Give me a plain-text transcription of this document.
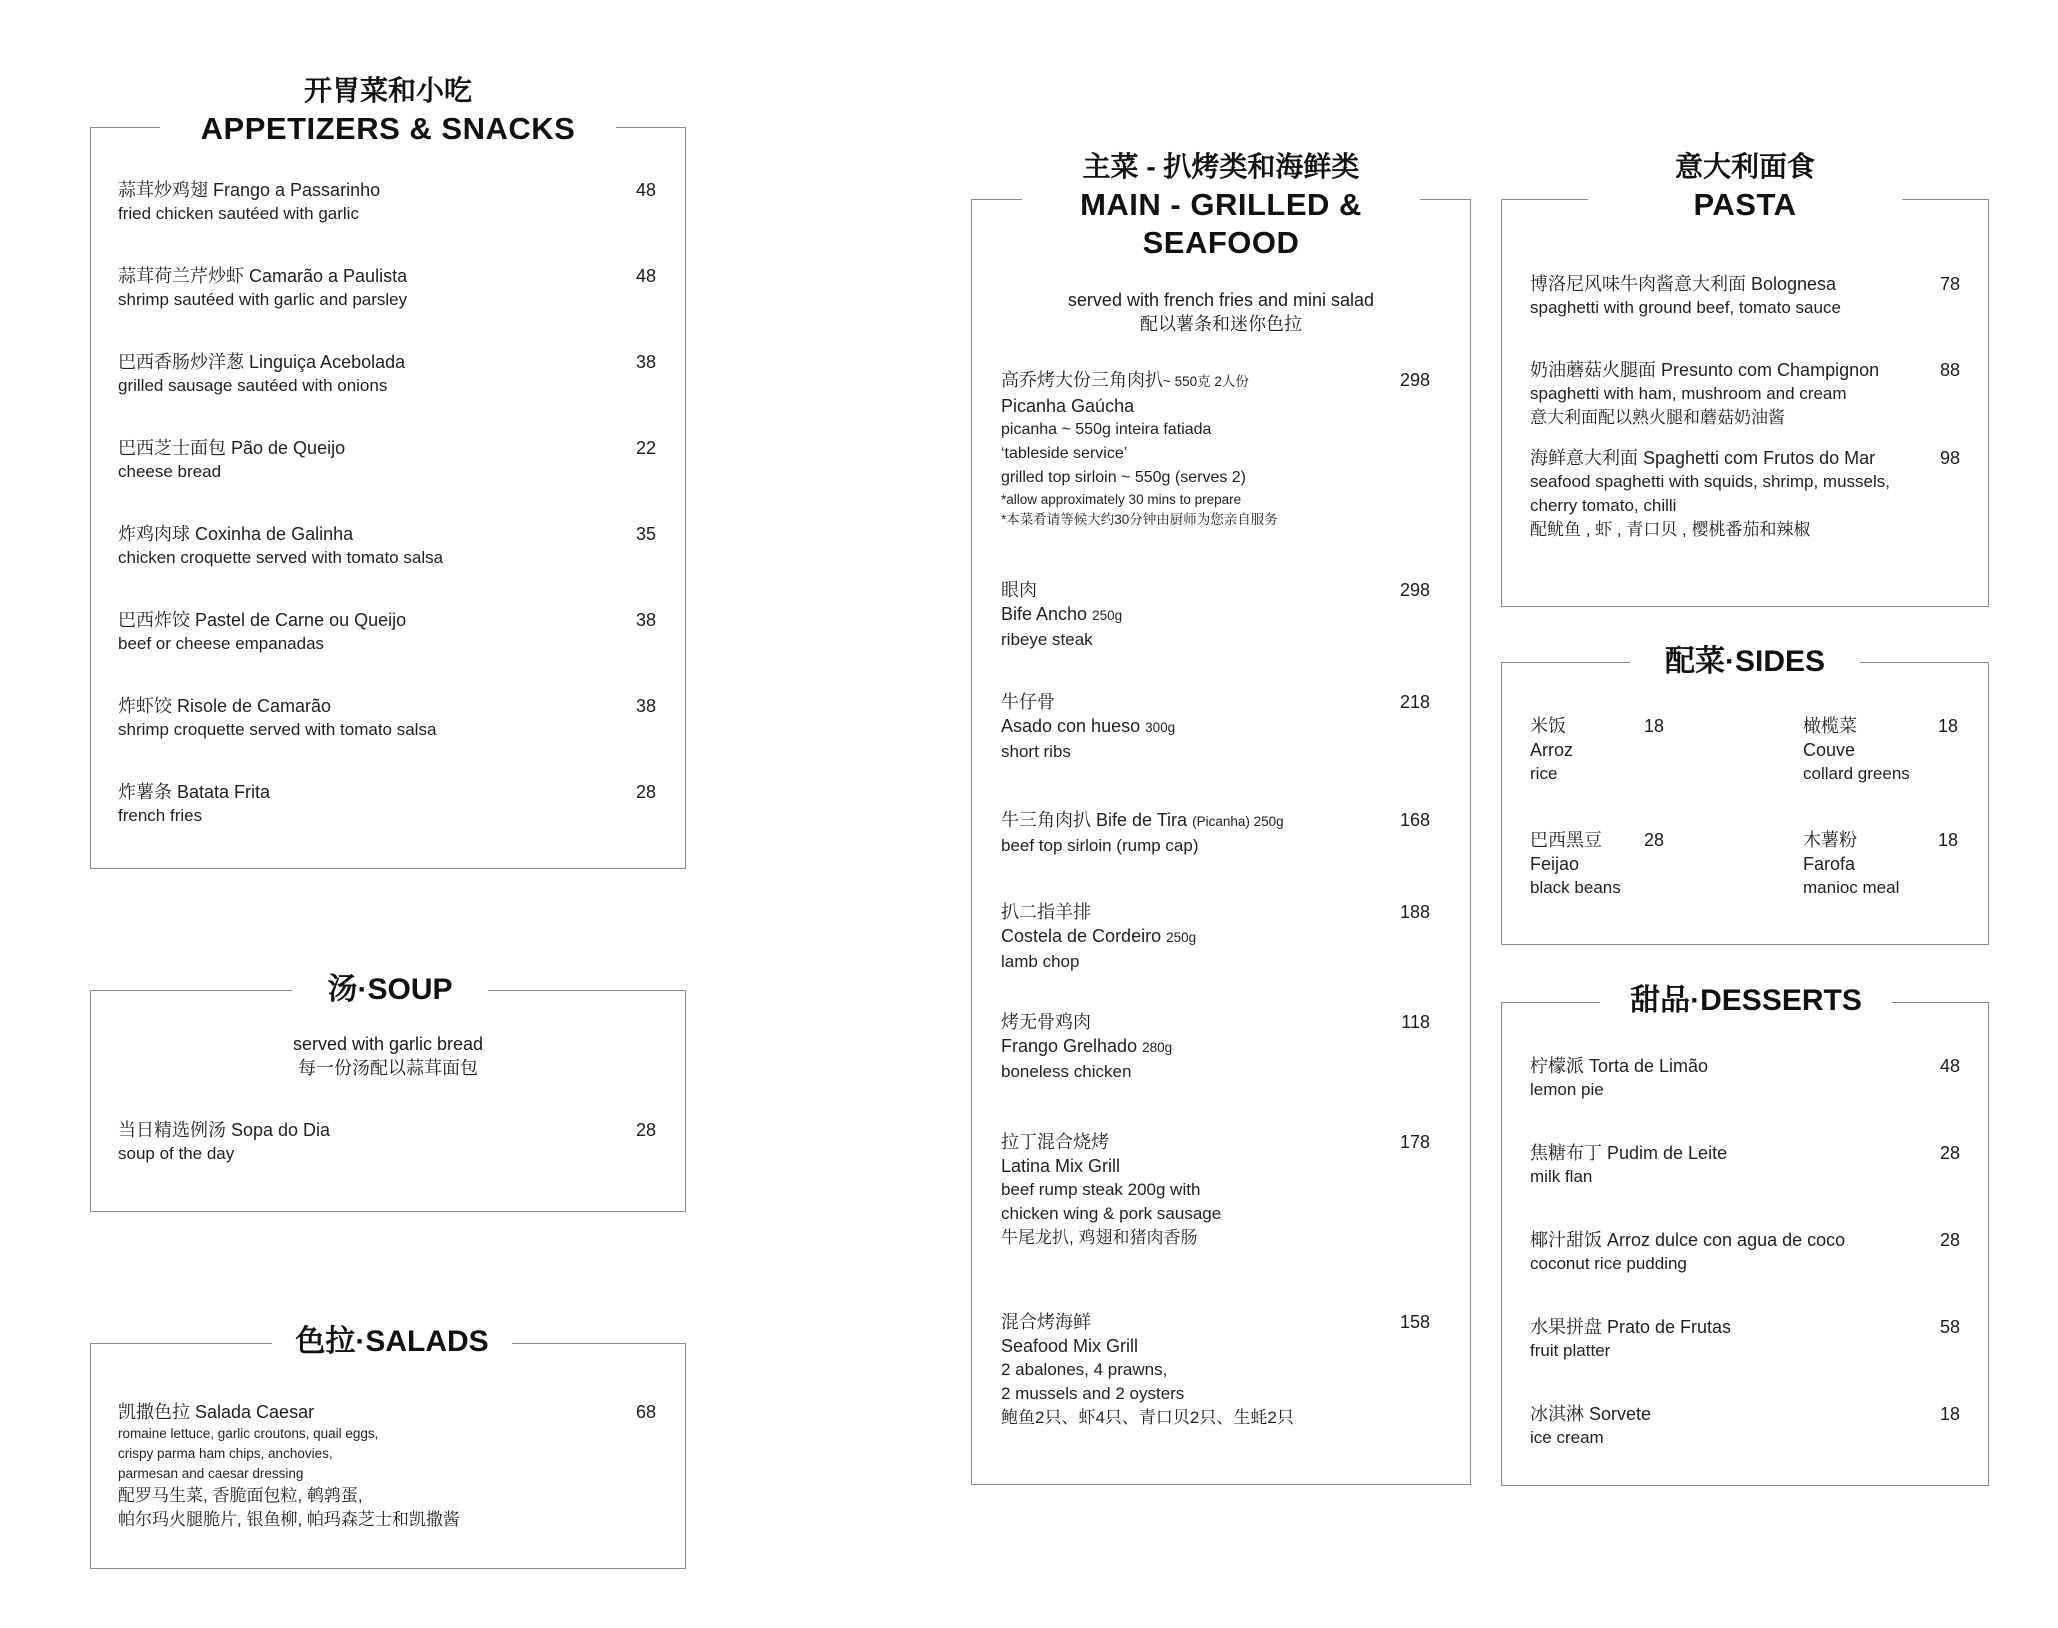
开胃菜和小吃
APPETIZERS & SNACKS
蒜茸炒鸡翅 Frango a Passarinho
fried chicken sautéed with garlic
48
蒜茸荷兰芹炒虾 Camarão a Paulista
shrimp sautéed with garlic and parsley
48
巴西香肠炒洋葱 Linguiça Acebolada
grilled sausage sautéed with onions
38
巴西芝士面包 Pão de Queijo
cheese bread
22
炸鸡肉球 Coxinha de Galinha
chicken croquette served with tomato salsa
35
巴西炸饺 Pastel de Carne ou Queijo
beef or cheese empanadas
38
炸虾饺 Risole de Camarão
shrimp croquette served with tomato salsa
38
炸薯条 Batata Frita
french fries
28
汤·SOUP
served with garlic bread
每一份汤配以蒜茸面包
当日精选例汤 Sopa do Dia
soup of the day
28
色拉·SALADS
凯撒色拉 Salada Caesar
romaine lettuce, garlic croutons, quail eggs,
crispy parma ham chips, anchovies,
parmesan and caesar dressing
配罗马生菜, 香脆面包粒, 鹌鹑蛋,
帕尔玛火腿脆片, 银鱼柳, 帕玛森芝士和凯撒酱
68
主菜 - 扒烤类和海鲜类
MAIN - GRILLED &
SEAFOOD
served with french fries and mini salad
配以薯条和迷你色拉
高乔烤大份三角肉扒~ 550克 2人份
Picanha Gaúcha
picanha ~ 550g inteira fatiada
‘tableside service’
grilled top sirloin ~ 550g (serves 2)
*allow approximately 30 mins to prepare
*本菜肴请等候大约30分钟由厨师为您亲自服务
298
眼肉
Bife Ancho 250g
ribeye steak
298
牛仔骨
Asado con hueso 300g
short ribs
218
牛三角肉扒 Bife de Tira (Picanha) 250g
beef top sirloin (rump cap)
168
扒二指羊排
Costela de Cordeiro 250g
lamb chop
188
烤无骨鸡肉
Frango Grelhado 280g
boneless chicken
118
拉丁混合烧烤
Latina Mix Grill
beef rump steak 200g with
chicken wing & pork sausage
牛尾龙扒, 鸡翅和猪肉香肠
178
混合烤海鲜
Seafood Mix Grill
2 abalones, 4 prawns,
2 mussels and 2 oysters
鲍鱼2只、虾4只、青口贝2只、生蚝2只
158
意大利面食
PASTA
博洛尼风味牛肉酱意大利面 Bolognesa
spaghetti with ground beef, tomato sauce
78
奶油蘑菇火腿面 Presunto com Champignon
spaghetti with ham, mushroom and cream
意大利面配以熟火腿和蘑菇奶油酱
88
海鲜意大利面 Spaghetti com Frutos do Mar
seafood spaghetti with squids, shrimp, mussels,
cherry tomato, chilli
配鱿鱼 , 虾 , 青口贝 , 樱桃番茄和辣椒
98
配菜·SIDES
米饭
Arroz
rice
18	橄榄菜
Couve
collard greens
18
巴西黑豆
Feijao
black beans
28	木薯粉
Farofa
manioc meal
18
甜品·DESSERTS
柠檬派 Torta de Limão
lemon pie
48
焦糖布丁 Pudim de Leite
milk flan
28
椰汁甜饭 Arroz dulce con agua de coco
coconut rice pudding
28
水果拼盘 Prato de Frutas
fruit platter
58
冰淇淋 Sorvete
ice cream
18
